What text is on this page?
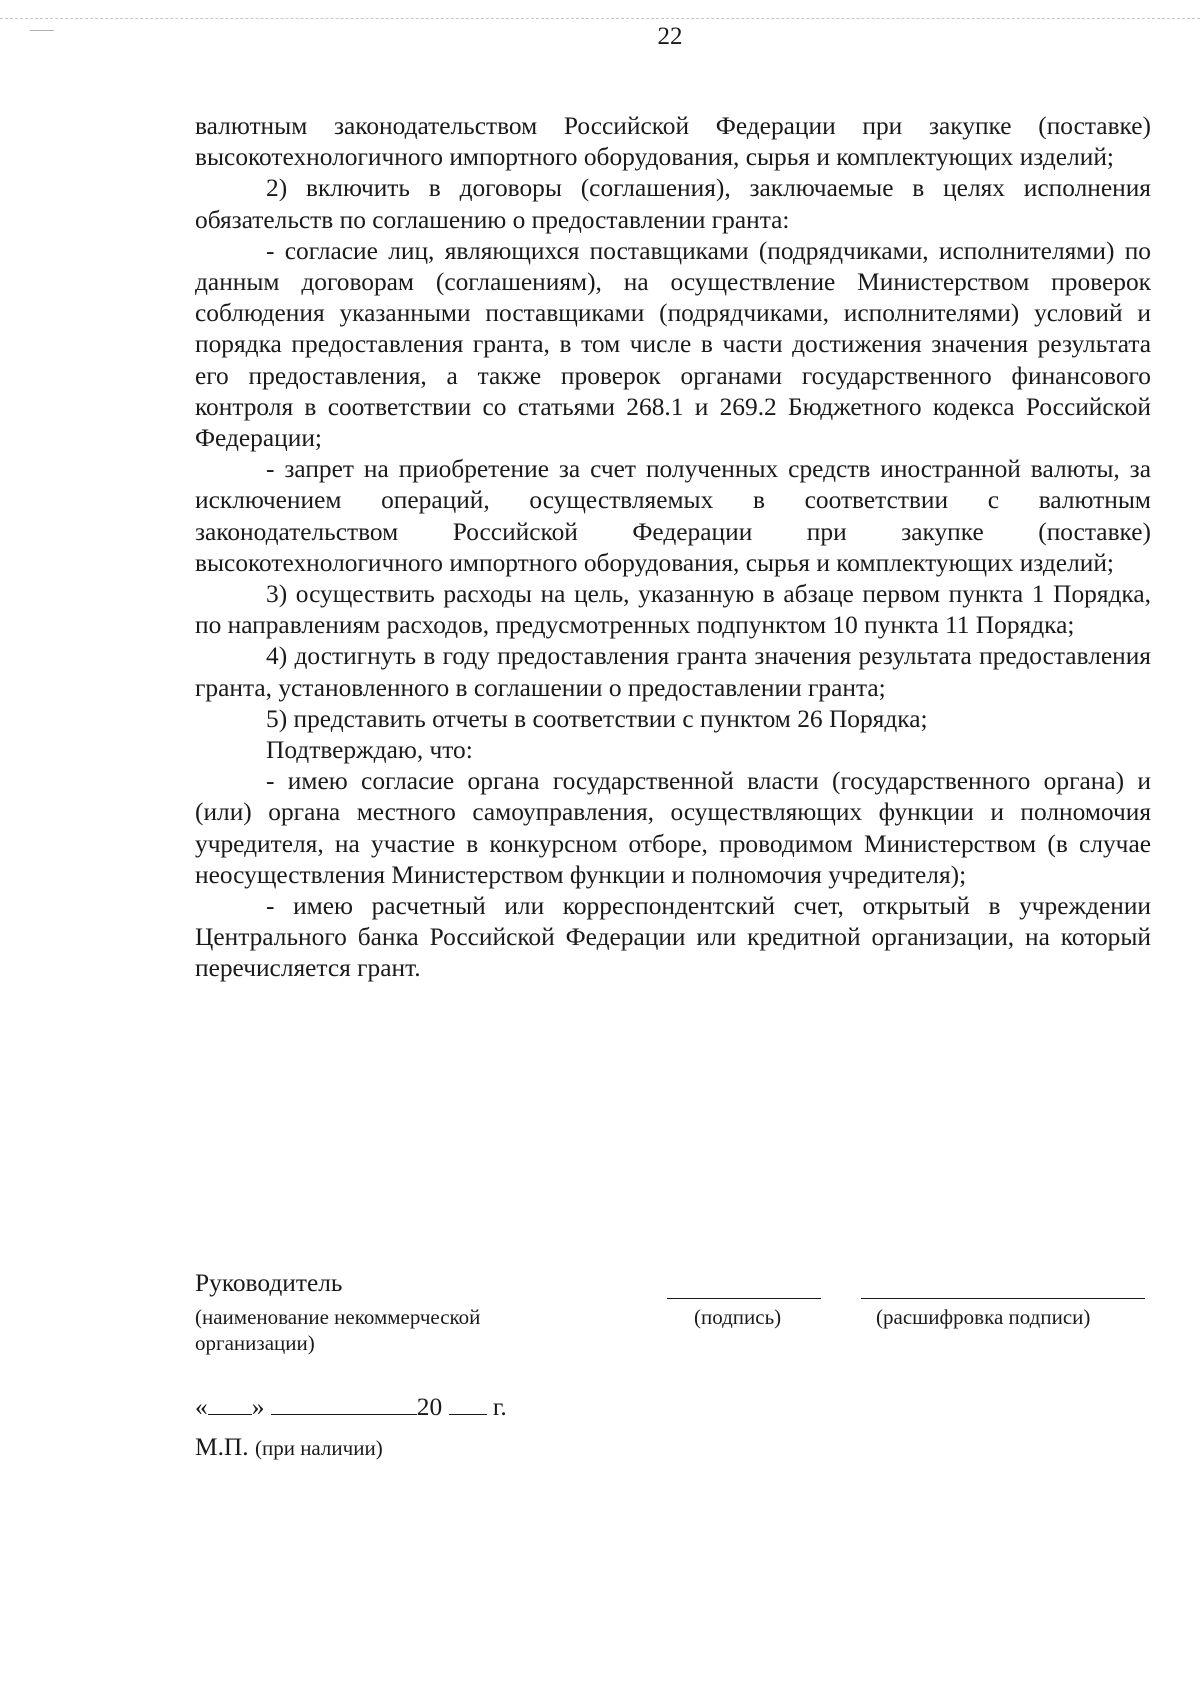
22

валютным законодательством Российской Федерации при закупке (поставке) высокотехнологичного импортного оборудования, сырья и комплектующих изделий;

2) включить в договоры (соглашения), заключаемые в целях исполнения обязательств по соглашению о предоставлении гранта:

- согласие лиц, являющихся поставщиками (подрядчиками, исполнителями) по данным договорам (соглашениям), на осуществление Министерством проверок соблюдения указанными поставщиками (подрядчиками, исполнителями) условий и порядка предоставления гранта, в том числе в части достижения значения результата его предоставления, а также проверок органами государственного финансового контроля в соответствии со статьями 268.1 и 269.2 Бюджетного кодекса Российской Федерации;

- запрет на приобретение за счет полученных средств иностранной валюты, за исключением операций, осуществляемых в соответствии с валютным законодательством Российской Федерации при закупке (поставке) высокотехнологичного импортного оборудования, сырья и комплектующих изделий;

3) осуществить расходы на цель, указанную в абзаце первом пункта 1 Порядка, по направлениям расходов, предусмотренных подпунктом 10 пункта 11 Порядка;

4) достигнуть в году предоставления гранта значения результата предоставления гранта, установленного в соглашении о предоставлении гранта;

5) представить отчеты в соответствии с пунктом 26 Порядка;

Подтверждаю, что:

- имею согласие органа государственной власти (государственного органа) и (или) органа местного самоуправления, осуществляющих функции и полномочия учредителя, на участие в конкурсном отборе, проводимом Министерством (в случае неосуществления Министерством функции и полномочия учредителя);

- имею расчетный или корреспондентский счет, открытый в учреждении Центрального банка Российской Федерации или кредитной организации, на который перечисляется грант.

Руководитель
(наименование некоммерческой организации)
(подпись)	(расшифровка подписи)
« »	20 г.
М.П. (при наличии)
